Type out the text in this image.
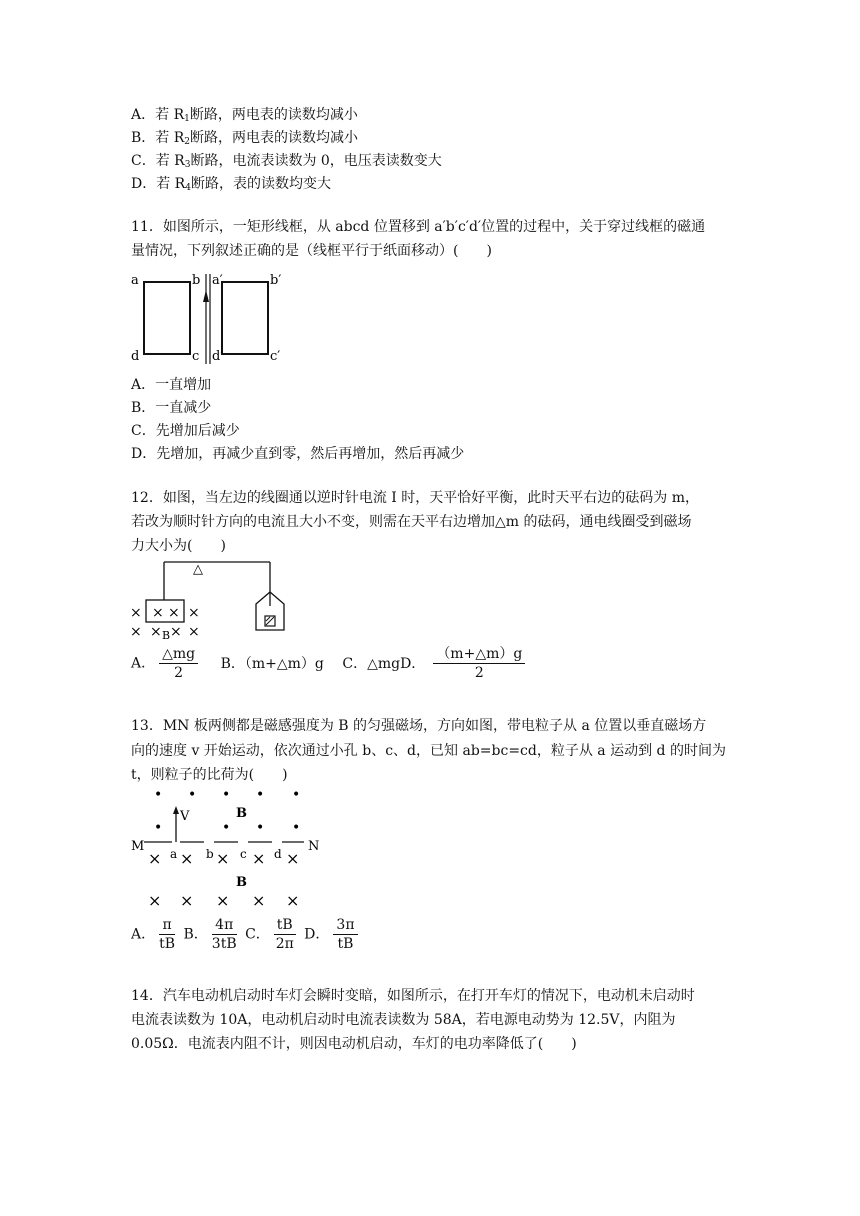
A．若 $R_1$断路，两电表的读数均减小
B．若 $R_2$断路，两电表的读数均减小
C．若 $R_3$断路，电流表读数为 0，电压表读数变大
D．若 $R_4$断路，表的读数均变大
11．如图所示，一矩形线框，从 abcd 位置移到 a′b′c′d′位置的过程中，关于穿过线框的磁通
量情况，下列叙述正确的是（线框平行于纸面移动）(　　)
a	b a′	b′
d	c d′	c′
A．一直增加
B．一直减少
C．先增加后减少
D．先增加，再减少直到零，然后再增加，然后再减少
12．如图，当左边的线圈通以逆时针电流 I 时，天平恰好平衡，此时天平右边的砝码为 m，
若改为顺时针方向的电流且大小不变，则需在天平右边增加△m 的砝码，通电线圈受到磁场
力大小为(　　)
△
× × × ×
× × × ×
B
A． $\frac{\triangle mg}{2}$ B．（m+△m）g C．△mgD． $\frac{(m+\triangle m)g}{2}$
13．MN 板两侧都是磁感强度为 B 的匀强磁场，方向如图，带电粒子从 a 位置以垂直磁场方
向的速度 v 开始运动，依次通过小孔 b、c、d，已知 ab=bc=cd，粒子从 a 运动到 d 的时间为
t，则粒子的比荷为(　　)
• • • • •
B
•	• • •
V
M	N
a b c d
× × × × ×
B
× × × × ×
A． $\frac{\pi}{tB}$ B． $\frac{4\pi}{3tB}$ C． $\frac{tB}{2\pi}$ D． $\frac{3\pi}{tB}$
14．汽车电动机启动时车灯会瞬时变暗，如图所示，在打开车灯的情况下，电动机未启动时
电流表读数为 10A，电动机启动时电流表读数为 58A，若电源电动势为 12.5V，内阻为
0.05Ω．电流表内阻不计，则因电动机启动，车灯的电功率降低了(　　)
